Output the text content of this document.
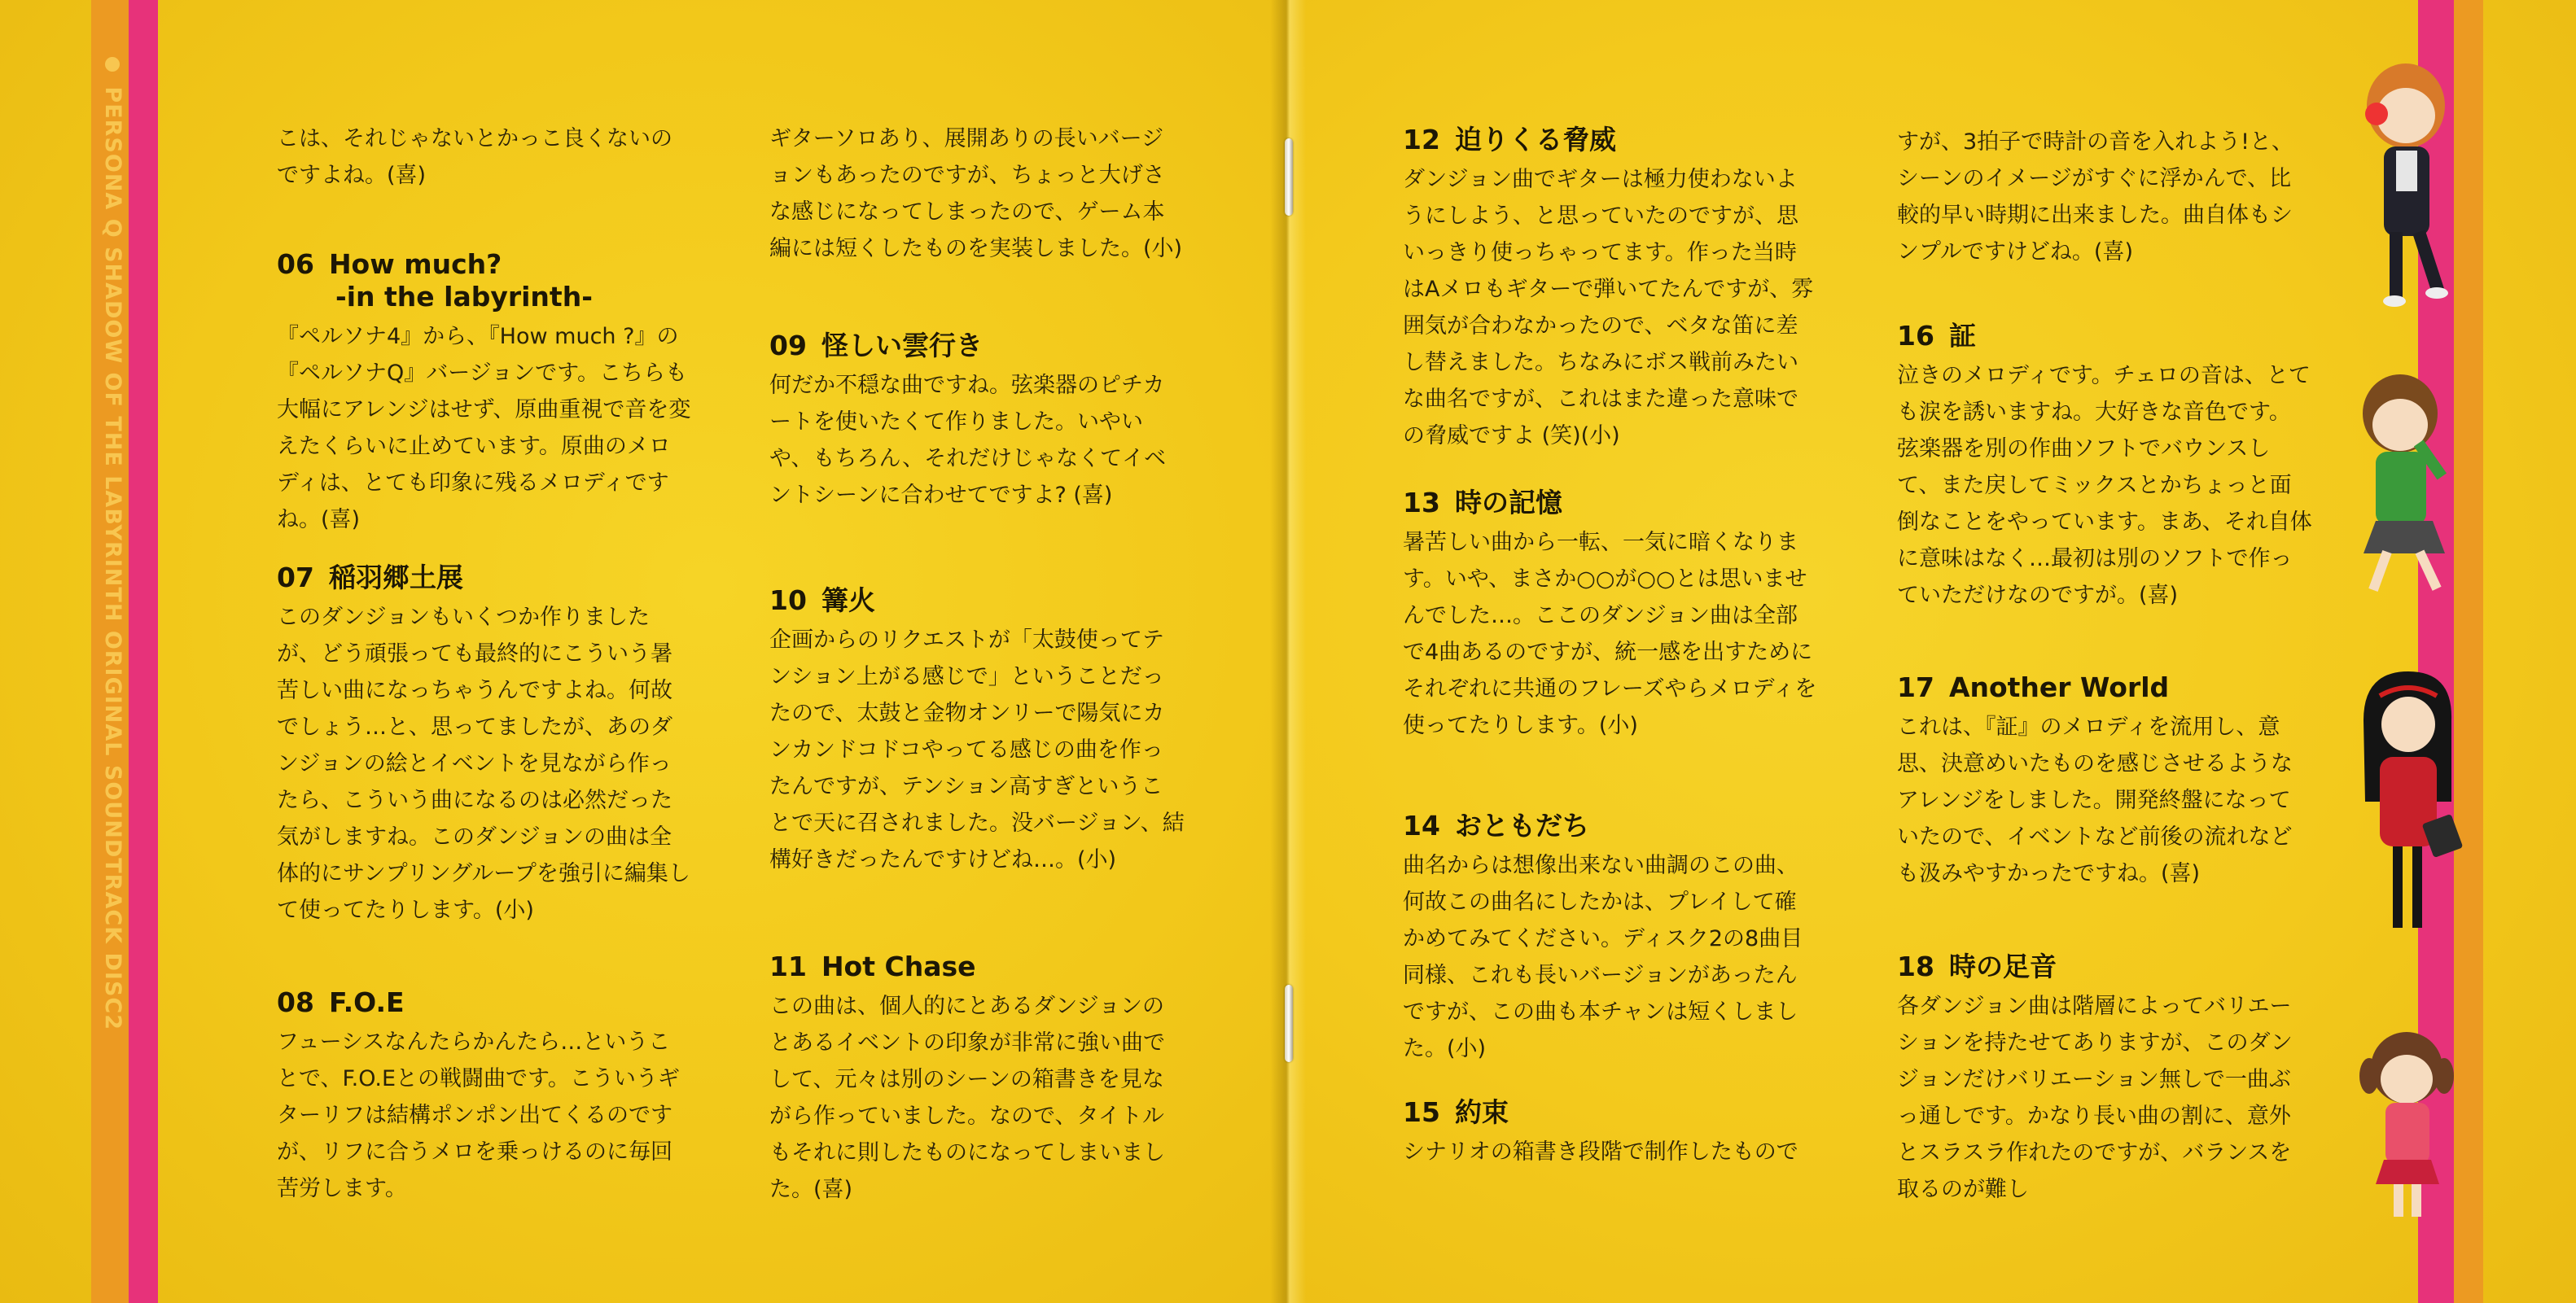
PERSONA Q SHADOW OF THE LABYRINTH ORIGINAL SOUNDTRACK DISC2	こは、それじゃないとかっこ良くないのですよね。(喜)

06 How much?
-in the labyrinth-

『ペルソナ4』から、『How much ?』の『ペルソナQ』バージョンです。こちらも大幅にアレンジはせず、原曲重視で音を変えたくらいに止めています。原曲のメロディは、とても印象に残るメロディですね。(喜)

07 稲羽郷土展

このダンジョンもいくつか作りましたが、どう頑張っても最終的にこういう暑苦しい曲になっちゃうんですよね。何故でしょう…と、思ってましたが、あのダンジョンの絵とイベントを見ながら作ったら、こういう曲になるのは必然だった気がしますね。このダンジョンの曲は全体的にサンプリングループを強引に編集して使ってたりします。(小)

08 F.O.E

フューシスなんたらかんたら…ということで、F.O.Eとの戦闘曲です。こういうギターリフは結構ポンポン出てくるのですが、リフに合うメロを乗っけるのに毎回苦労します。

ギターソロあり、展開ありの長いバージョンもあったのですが、ちょっと大げさな感じになってしまったので、ゲーム本編には短くしたものを実装しました。(小)

09 怪しい雲行き

何だか不穏な曲ですね。弦楽器のピチカートを使いたくて作りました。いやいや、もちろん、それだけじゃなくてイベントシーンに合わせてですよ? (喜)

10 篝火

企画からのリクエストが「太鼓使ってテンション上がる感じで」ということだったので、太鼓と金物オンリーで陽気にカンカンドコドコやってる感じの曲を作ったんですが、テンション高すぎということで天に召されました。没バージョン、結構好きだったんですけどね…。(小)

11 Hot Chase

この曲は、個人的にとあるダンジョンのとあるイベントの印象が非常に強い曲でして、元々は別のシーンの箱書きを見ながら作っていました。なので、タイトルもそれに則したものになってしまいました。(喜)

12 迫りくる脅威

ダンジョン曲でギターは極力使わないようにしよう、と思っていたのですが、思いっきり使っちゃってます。作った当時はAメロもギターで弾いてたんですが、雰囲気が合わなかったので、ベタな笛に差し替えました。ちなみにボス戦前みたいな曲名ですが、これはまた違った意味での脅威ですよ (笑)(小)

13 時の記憶

暑苦しい曲から一転、一気に暗くなります。いや、まさか○○が○○とは思いませんでした…。ここのダンジョン曲は全部で4曲あるのですが、統一感を出すためにそれぞれに共通のフレーズやらメロディを使ってたりします。(小)

14 おともだち

曲名からは想像出来ない曲調のこの曲、何故この曲名にしたかは、プレイして確かめてみてください。ディスク2の8曲目同様、これも長いバージョンがあったんですが、この曲も本チャンは短くしました。(小)

15 約束

シナリオの箱書き段階で制作したもので

すが、3拍子で時計の音を入れよう!と、シーンのイメージがすぐに浮かんで、比較的早い時期に出来ました。曲自体もシンプルですけどね。(喜)

16 証

泣きのメロディです。チェロの音は、とても涙を誘いますね。大好きな音色です。弦楽器を別の作曲ソフトでバウンスして、また戻してミックスとかちょっと面倒なことをやっています。まあ、それ自体に意味はなく…最初は別のソフトで作っていただけなのですが。(喜)

17 Another World

これは、『証』のメロディを流用し、意思、決意めいたものを感じさせるようなアレンジをしました。開発終盤になっていたので、イベントなど前後の流れなども汲みやすかったですね。(喜)

18 時の足音

各ダンジョン曲は階層によってバリエーションを持たせてありますが、このダンジョンだけバリエーション無しで一曲ぶっ通しです。かなり長い曲の割に、意外とスラスラ作れたのですが、バランスを取るのが難し
